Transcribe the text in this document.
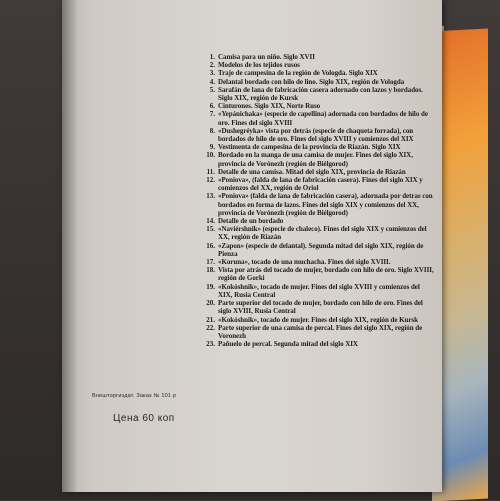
1. Camisa para un niño. Siglo XVII
2. Modelos de los tejidos rusos
3. Traje de campesina de la región de Vologda. Siglo XIX
4. Delantal bordado con hilo de lino. Siglo XIX, región de Vologda
5. Sarafán de lana de fabricación casera adornado con lazos y bordados. Siglo XIX, región de Kursk
6. Cinturones. Siglo XIX, Norte Ruso
7. «Yepánichaka» (especie de capellina) adornada con bordados de hilo de oro. Fines del siglo XVIII
8. «Dushegréyka» vista por detrás (especie de chaqueta forrada), con bordados de hilo de oro. Fines del siglo XVIII y comienzos del XIX
9. Vestimenta de campesina de la provincia de Riazán. Siglo XIX
10. Bordado en la manga de una camisa de mujer. Fines del siglo XIX, provincia de Vorónezh (región de Biélgorod)
11. Detalle de una camisa. Mitad del siglo XIX, provincia de Riazán
12. «Poniova», (falda de lana de fabricación casera). Fines del siglo XIX y comienzos del XX, región de Oriol
13. «Poniova» (falda de lana de fabricación casera), adornada por detras con bordados en forma de lazos. Fines del siglo XIX y comienzos del XX, provincia de Vorónezh (región de Biélgorod)
14. Detalle de un bordado
15. «Naviérshnik» (especie de chaleco). Fines del siglo XIX y comienzos del XX, región de Riazán
16. «Zapon» (especie de delantal). Segunda mitad del siglo XIX, región de Pienza
17. «Koruna», tocado de una muchacha. Fines del siglo XVIII.
18. Vista por atrás del tocado de mujer, bordado con hilo de oro. Siglo XVIII, región de Gorki
19. «Kokóshnik», tocado de mujer. Fines del siglo XVIII y comienzos del XIX, Rusia Central
20. Parte superior del tocado de mujer, bordado con hilo de oro. Fines del siglo XVIII, Rusia Central
21. «Kokóshnik», tocado de mujer. Fines del siglo XIX, región de Kursk
22. Parte superior de una camisa de percal. Fines del siglo XIX, región de Voronezh
23. Pañuelo de percal. Segunda mitad del siglo XIX
Внешторгиздат. Заказ № 101 р
Цена 60 коп
